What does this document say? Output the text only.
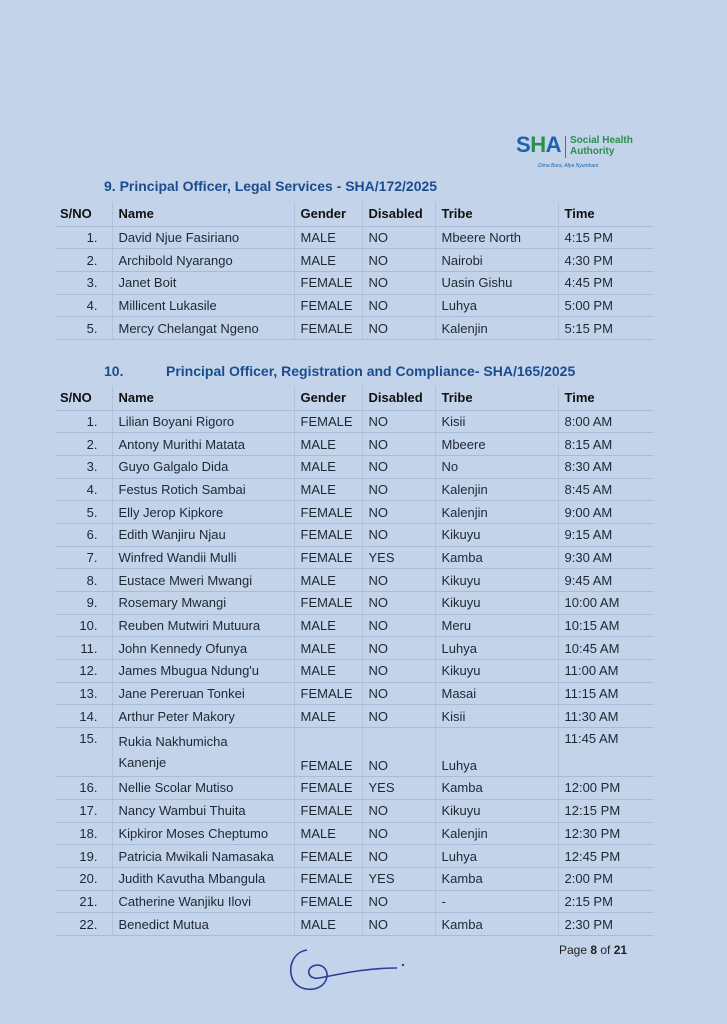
SHA Social Health
Authority
Dima Bora, Afya Nyumbani
9. Principal Officer, Legal Services - SHA/172/2025
S/NO	Name	Gender	Disabled	Tribe	Time
1.	David Njue Fasiriano	MALE	NO	Mbeere North	4:15 PM
2.	Archibold Nyarango	MALE	NO	Nairobi	4:30 PM
3.	Janet Boit	FEMALE	NO	Uasin Gishu	4:45 PM
4.	Millicent Lukasile	FEMALE	NO	Luhya	5:00 PM
5.	Mercy Chelangat Ngeno	FEMALE	NO	Kalenjin	5:15 PM
10.	Principal Officer, Registration and Compliance- SHA/165/2025
S/NO	Name	Gender	Disabled	Tribe	Time
1.	Lilian Boyani Rigoro	FEMALE	NO	Kisii	8:00 AM
2.	Antony Murithi Matata	MALE	NO	Mbeere	8:15 AM
3.	Guyo Galgalo Dida	MALE	NO	No	8:30 AM
4.	Festus Rotich Sambai	MALE	NO	Kalenjin	8:45 AM
5.	Elly Jerop Kipkore	FEMALE	NO	Kalenjin	9:00 AM
6.	Edith Wanjiru Njau	FEMALE	NO	Kikuyu	9:15 AM
7.	Winfred Wandii Mulli	FEMALE	YES	Kamba	9:30 AM
8.	Eustace Mweri Mwangi	MALE	NO	Kikuyu	9:45 AM
9.	Rosemary Mwangi	FEMALE	NO	Kikuyu	10:00 AM
10.	Reuben Mutwiri Mutuura	MALE	NO	Meru	10:15 AM
11.	John Kennedy Ofunya	MALE	NO	Luhya	10:45 AM
12.	James Mbugua Ndung'u	MALE	NO	Kikuyu	11:00 AM
13.	Jane Pereruan Tonkei	FEMALE	NO	Masai	11:15 AM
14.	Arthur Peter Makory	MALE	NO	Kisii	11:30 AM
15.	Rukia Nakhumicha
Kanenje	FEMALE	NO	Luhya	11:45 AM
16.	Nellie Scolar Mutiso	FEMALE	YES	Kamba	12:00 PM
17.	Nancy Wambui Thuita	FEMALE	NO	Kikuyu	12:15 PM
18.	Kipkiror Moses Cheptumo	MALE	NO	Kalenjin	12:30 PM
19.	Patricia Mwikali Namasaka	FEMALE	NO	Luhya	12:45 PM
20.	Judith Kavutha Mbangula	FEMALE	YES	Kamba	2:00 PM
21.	Catherine Wanjiku Ilovi	FEMALE	NO	-	2:15 PM
22.	Benedict Mutua	MALE	NO	Kamba	2:30 PM
Page 8 of 21
